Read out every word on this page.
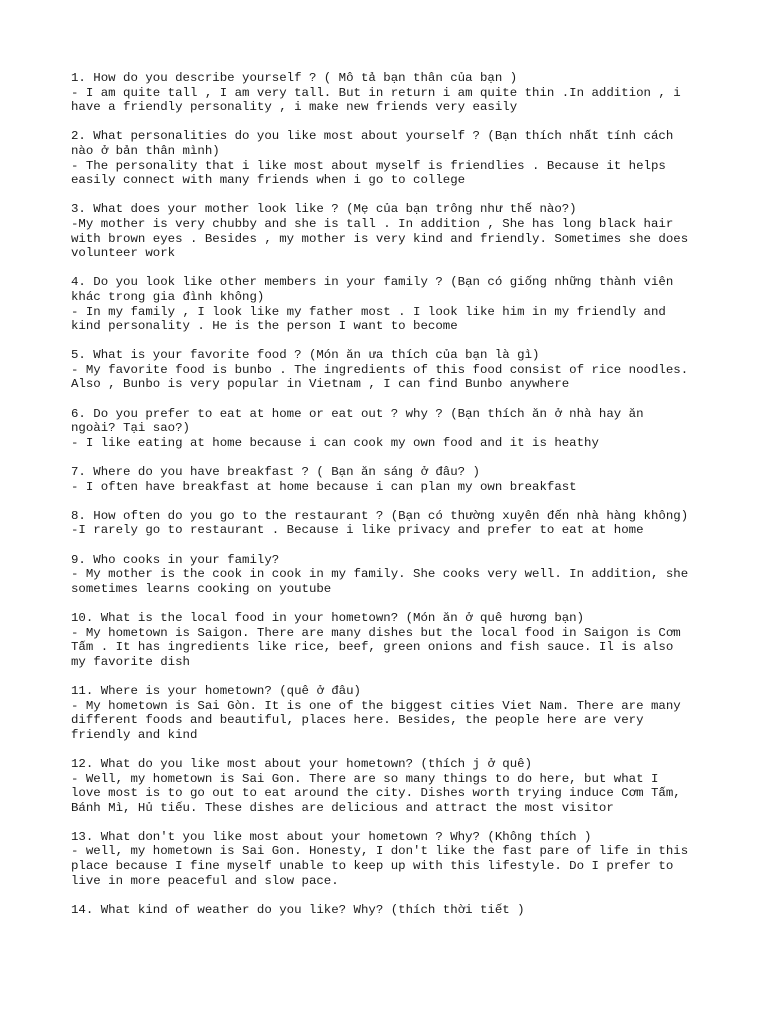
1. How do you describe yourself ? ( Mô tả bạn thân của bạn )
- I am quite tall , I am very tall. But in return i am quite thin .In addition , i
have a friendly personality , i make new friends very easily
2. What personalities do you like most about yourself ? (Bạn thích nhất tính cách
nào ở bản thân mình)
- The personality that i like most about myself is friendlies . Because it helps
easily connect with many friends when i go to college
3. What does your mother look like ? (Mẹ của bạn trông như thế nào?)
-My mother is very chubby and she is tall . In addition , She has long black hair
with brown eyes . Besides , my mother is very kind and friendly. Sometimes she does
volunteer work
4. Do you look like other members in your family ? (Bạn có giống những thành viên
khác trong gia đình không)
- In my family , I look like my father most . I look like him in my friendly and
kind personality . He is the person I want to become
5. What is your favorite food ? (Món ăn ưa thích của bạn là gì)
- My favorite food is bunbo . The ingredients of this food consist of rice noodles.
Also , Bunbo is very popular in Vietnam , I can find Bunbo anywhere
6. Do you prefer to eat at home or eat out ? why ? (Bạn thích ăn ở nhà hay ăn
ngoài? Tại sao?)
- I like eating at home because i can cook my own food and it is heathy
7. Where do you have breakfast ? ( Bạn ăn sáng ở đâu? )
- I often have breakfast at home because i can plan my own breakfast
8. How often do you go to the restaurant ? (Bạn có thường xuyên đến nhà hàng không)
-I rarely go to restaurant . Because i like privacy and prefer to eat at home
9. Who cooks in your family?
- My mother is the cook in cook in my family. She cooks very well. In addition, she
sometimes learns cooking on youtube
10. What is the local food in your hometown? (Món ăn ở quê hương bạn)
- My hometown is Saigon. There are many dishes but the local food in Saigon is Cơm
Tấm . It has ingredients like rice, beef, green onions and fish sauce. Il is also
my favorite dish
11. Where is your hometown? (quê ở đâu)
- My hometown is Sai Gòn. It is one of the biggest cities Viet Nam. There are many
different foods and beautiful, places here. Besides, the people here are very
friendly and kind
12. What do you like most about your hometown? (thích j ở quê)
- Well, my hometown is Sai Gon. There are so many things to do here, but what I
love most is to go out to eat around the city. Dishes worth trying induce Cơm Tấm,
Bánh Mì, Hủ tiếu. These dishes are delicious and attract the most visitor
13. What don't you like most about your hometown ? Why? (Không thích )
- well, my hometown is Sai Gon. Honesty, I don't like the fast pare of life in this
place because I fine myself unable to keep up with this lifestyle. Do I prefer to
live in more peaceful and slow pace.
14. What kind of weather do you like? Why? (thích thời tiết )
